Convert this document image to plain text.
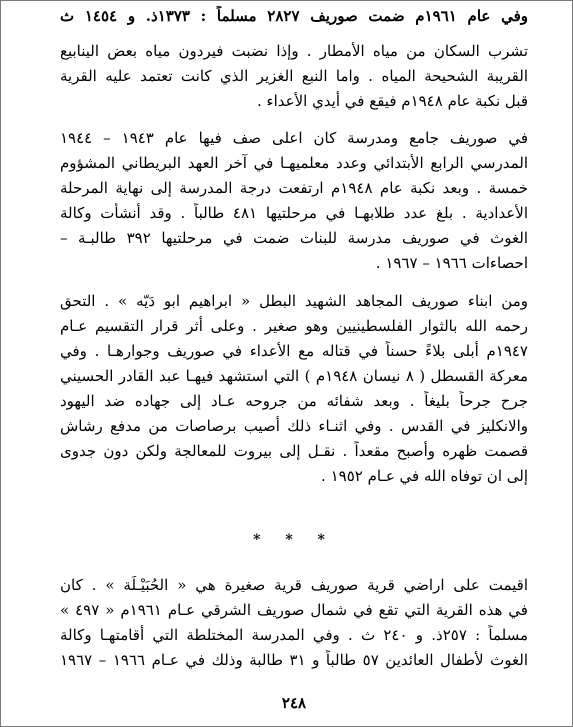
وفي عام ١٩٦١م ضمت صوريف ٢٨٢٧ مسلماً : ١٣٧٣ذ. و ١٤٥٤ ث
تشرب السكان من مياه الأمطار . وإذا نضبت فيردون مياه بعض الينابيع
القريبة الشحيحة المياه . واما النبع الغزير الذي كانت تعتمد عليه القرية
قبل نكبة عام ١٩٤٨م فيقع في أيدي الأعداء .
في صوريف جامع ومدرسة كان اعلى صف فيها عام ١٩٤٣ – ١٩٤٤
المدرسي الرابع الأبتدائي وعدد معلميهـا في آخر العهد البريطاني المشؤوم
خمسة . وبعد نكبة عام ١٩٤٨م ارتفعت درجة المدرسة إلى نهاية المرحلة
الأعدادية . بلغ عدد طلابهـا في مرحلتيها ٤٨١ طالباً . وقد أنشأت وكالة
الغوث في صوريف مدرسة للبنات ضمت في مرحلتيها ٣٩٢ طالبـة –
احصاءات ١٩٦٦ – ١٩٦٧ .
ومن ابناء صوريف المجاهد الشهيد البطل « ابراهيم ابو دَيّه » . التحق
رحمه الله بالثوار الفلسطينيين وهو صغير . وعلى أثر قرار التقسيم عـام
١٩٤٧م أبلى بلاءً حسناً في قتاله مع الأعداء في صوريف وجوارهـا . وفي
معركة القسطل ( ٨ نيسان ١٩٤٨م ) التي استشهد فيهـا عبد القادر الحسيني
جرح جرحاً بليغاً . وبعد شفائه من جروحه عـاد إلى جهاده ضد اليهود
والانكليز في القدس . وفي اثنـاء ذلك أصيب برصاصات من مدفع رشاش
قصمت ظهره وأصبح مقعداً . نقـل إلى بيروت للمعالجة ولكن دون جدوى
إلى ان توفاه الله في عـام ١٩٥٢ .
* * *
اقيمت على اراضي قرية صوريف قرية صغيرة هي « الحُبَيْـلَة » . كان
في هذه القرية التي تقع في شمال صوريف الشرقي عـام ١٩٦١م « ٤٩٧ »
مسلماً : ٢٥٧ذ. و ٢٤٠ ث . وفي المدرسة المختلطة التي أقامتهـا وكالة
الغوث لأطفال العائدين ٥٧ طالباً و ٣١ طالبة وذلك في عـام ١٩٦٦ – ١٩٦٧
٢٤٨
